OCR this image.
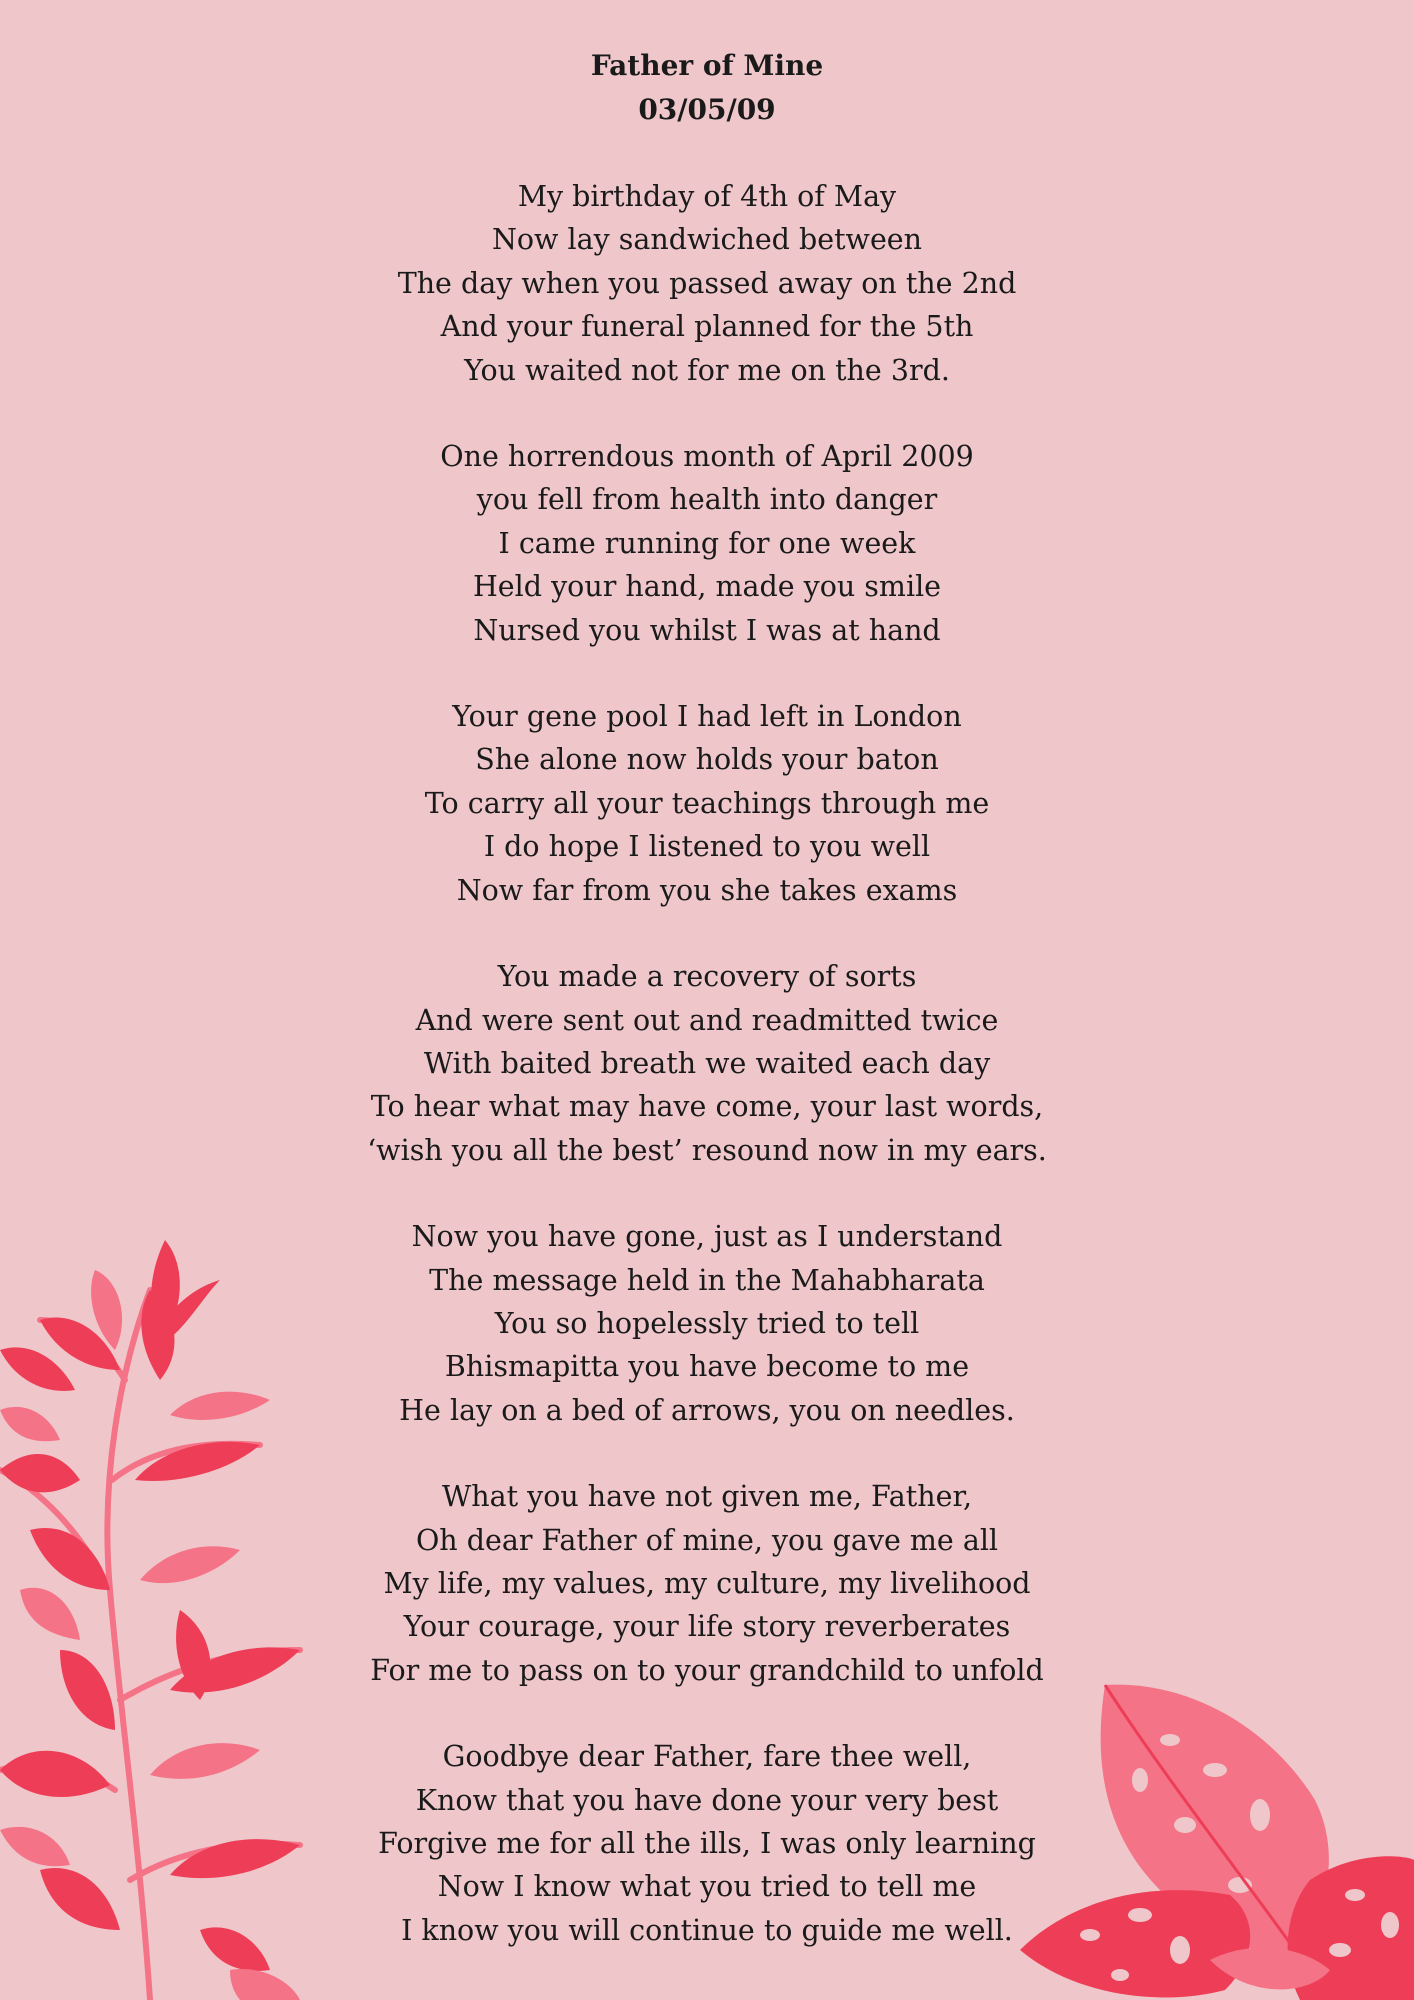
Father of Mine

03/05/09

My birthday of 4th of May
Now lay sandwiched between
The day when you passed away on the 2nd
And your funeral planned for the 5th
You waited not for me on the 3rd.
One horrendous month of April 2009
you fell from health into danger
I came running for one week
Held your hand, made you smile
Nursed you whilst I was at hand
Your gene pool I had left in London
She alone now holds your baton
To carry all your teachings through me
I do hope I listened to you well
Now far from you she takes exams
You made a recovery of sorts
And were sent out and readmitted twice
With baited breath we waited each day
To hear what may have come, your last words,
‘wish you all the best’ resound now in my ears.
Now you have gone, just as I understand
The message held in the Mahabharata
You so hopelessly tried to tell
Bhismapitta you have become to me
He lay on a bed of arrows, you on needles.
What you have not given me, Father,
Oh dear Father of mine, you gave me all
My life, my values, my culture, my livelihood
Your courage, your life story reverberates
For me to pass on to your grandchild to unfold
Goodbye dear Father, fare thee well,
Know that you have done your very best
Forgive me for all the ills, I was only learning
Now I know what you tried to tell me
I know you will continue to guide me well.
